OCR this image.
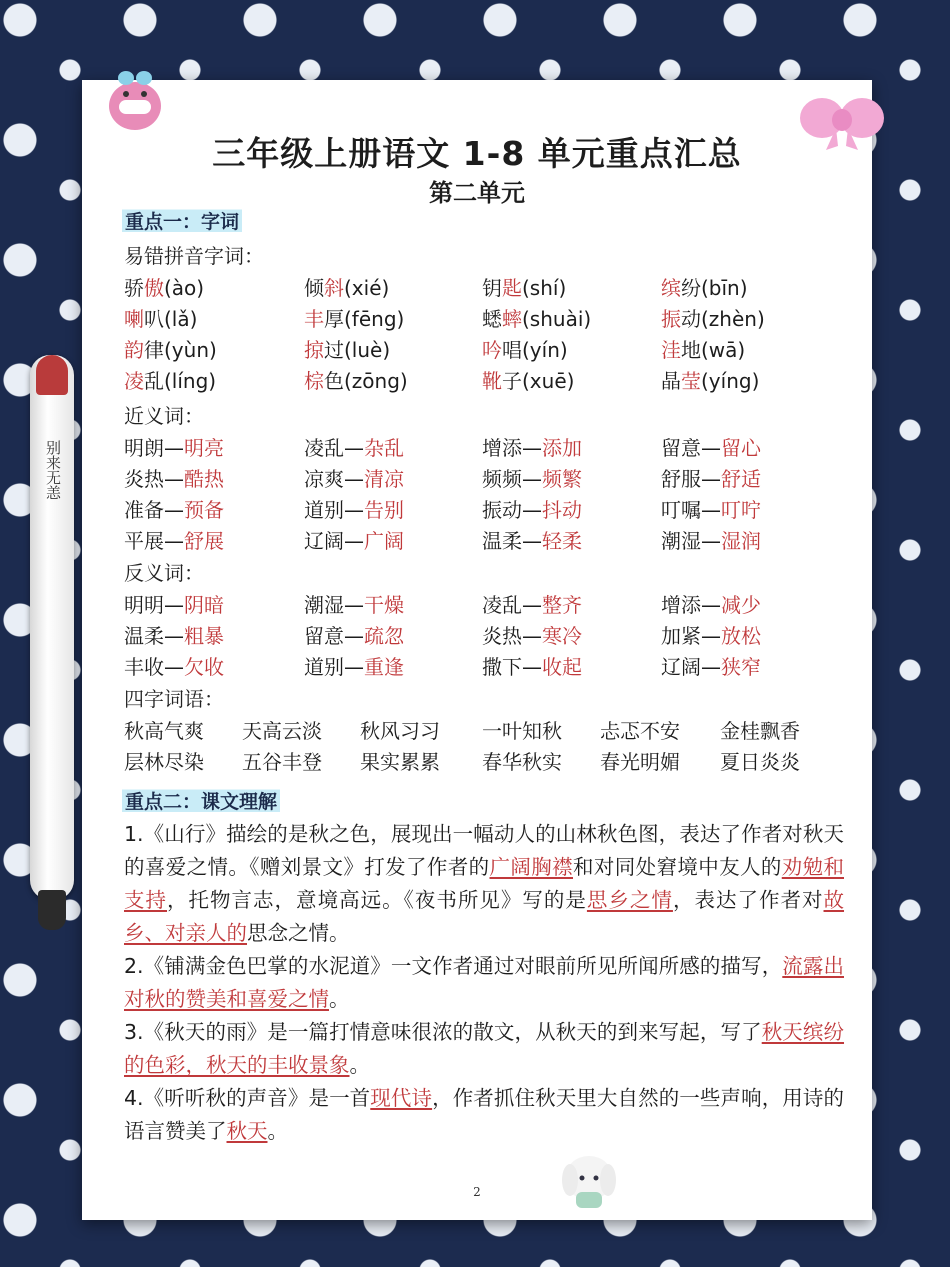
三年级上册语文 1-8 单元重点汇总
第二单元
重点一：字词
易错拼音字词：
骄傲(ào)	倾斜(xié)	钥匙(shí)	缤纷(bīn)
喇叭(lǎ)	丰厚(fēng)	蟋蟀(shuài)	振动(zhèn)
韵律(yùn)	掠过(luè)	吟唱(yín)	洼地(wā)
凌乱(líng)	棕色(zōng)	靴子(xuē)	晶莹(yíng)
近义词：
明朗—明亮	凌乱—杂乱	增添—添加	留意—留心
炎热—酷热	凉爽—清凉	频频—频繁	舒服—舒适
准备—预备	道别—告别	振动—抖动	叮嘱—叮咛
平展—舒展	辽阔—广阔	温柔—轻柔	潮湿—湿润
反义词：
明明—阴暗	潮湿—干燥	凌乱—整齐	增添—减少
温柔—粗暴	留意—疏忽	炎热—寒冷	加紧—放松
丰收—欠收	道别—重逢	撒下—收起	辽阔—狭窄
四字词语：
秋高气爽 天高云淡 秋风习习 一叶知秋 忐忑不安 金桂飘香
层林尽染 五谷丰登 果实累累 春华秋实 春光明媚 夏日炎炎
重点二：课文理解
1.《山行》描绘的是秋之色，展现出一幅动人的山林秋色图，表达了作者对秋天的喜爱之情。《赠刘景文》打发了作者的广阔胸襟和对同处窘境中友人的劝勉和支持，托物言志，意境高远。《夜书所见》写的是思乡之情，表达了作者对故乡、对亲人的思念之情。
2.《铺满金色巴掌的水泥道》一文作者通过对眼前所见所闻所感的描写，流露出对秋的赞美和喜爱之情。
3.《秋天的雨》是一篇打情意味很浓的散文，从秋天的到来写起，写了秋天缤纷的色彩，秋天的丰收景象。
4.《听听秋的声音》是一首现代诗，作者抓住秋天里大自然的一些声响，用诗的语言赞美了秋天。
2
别来无恙
